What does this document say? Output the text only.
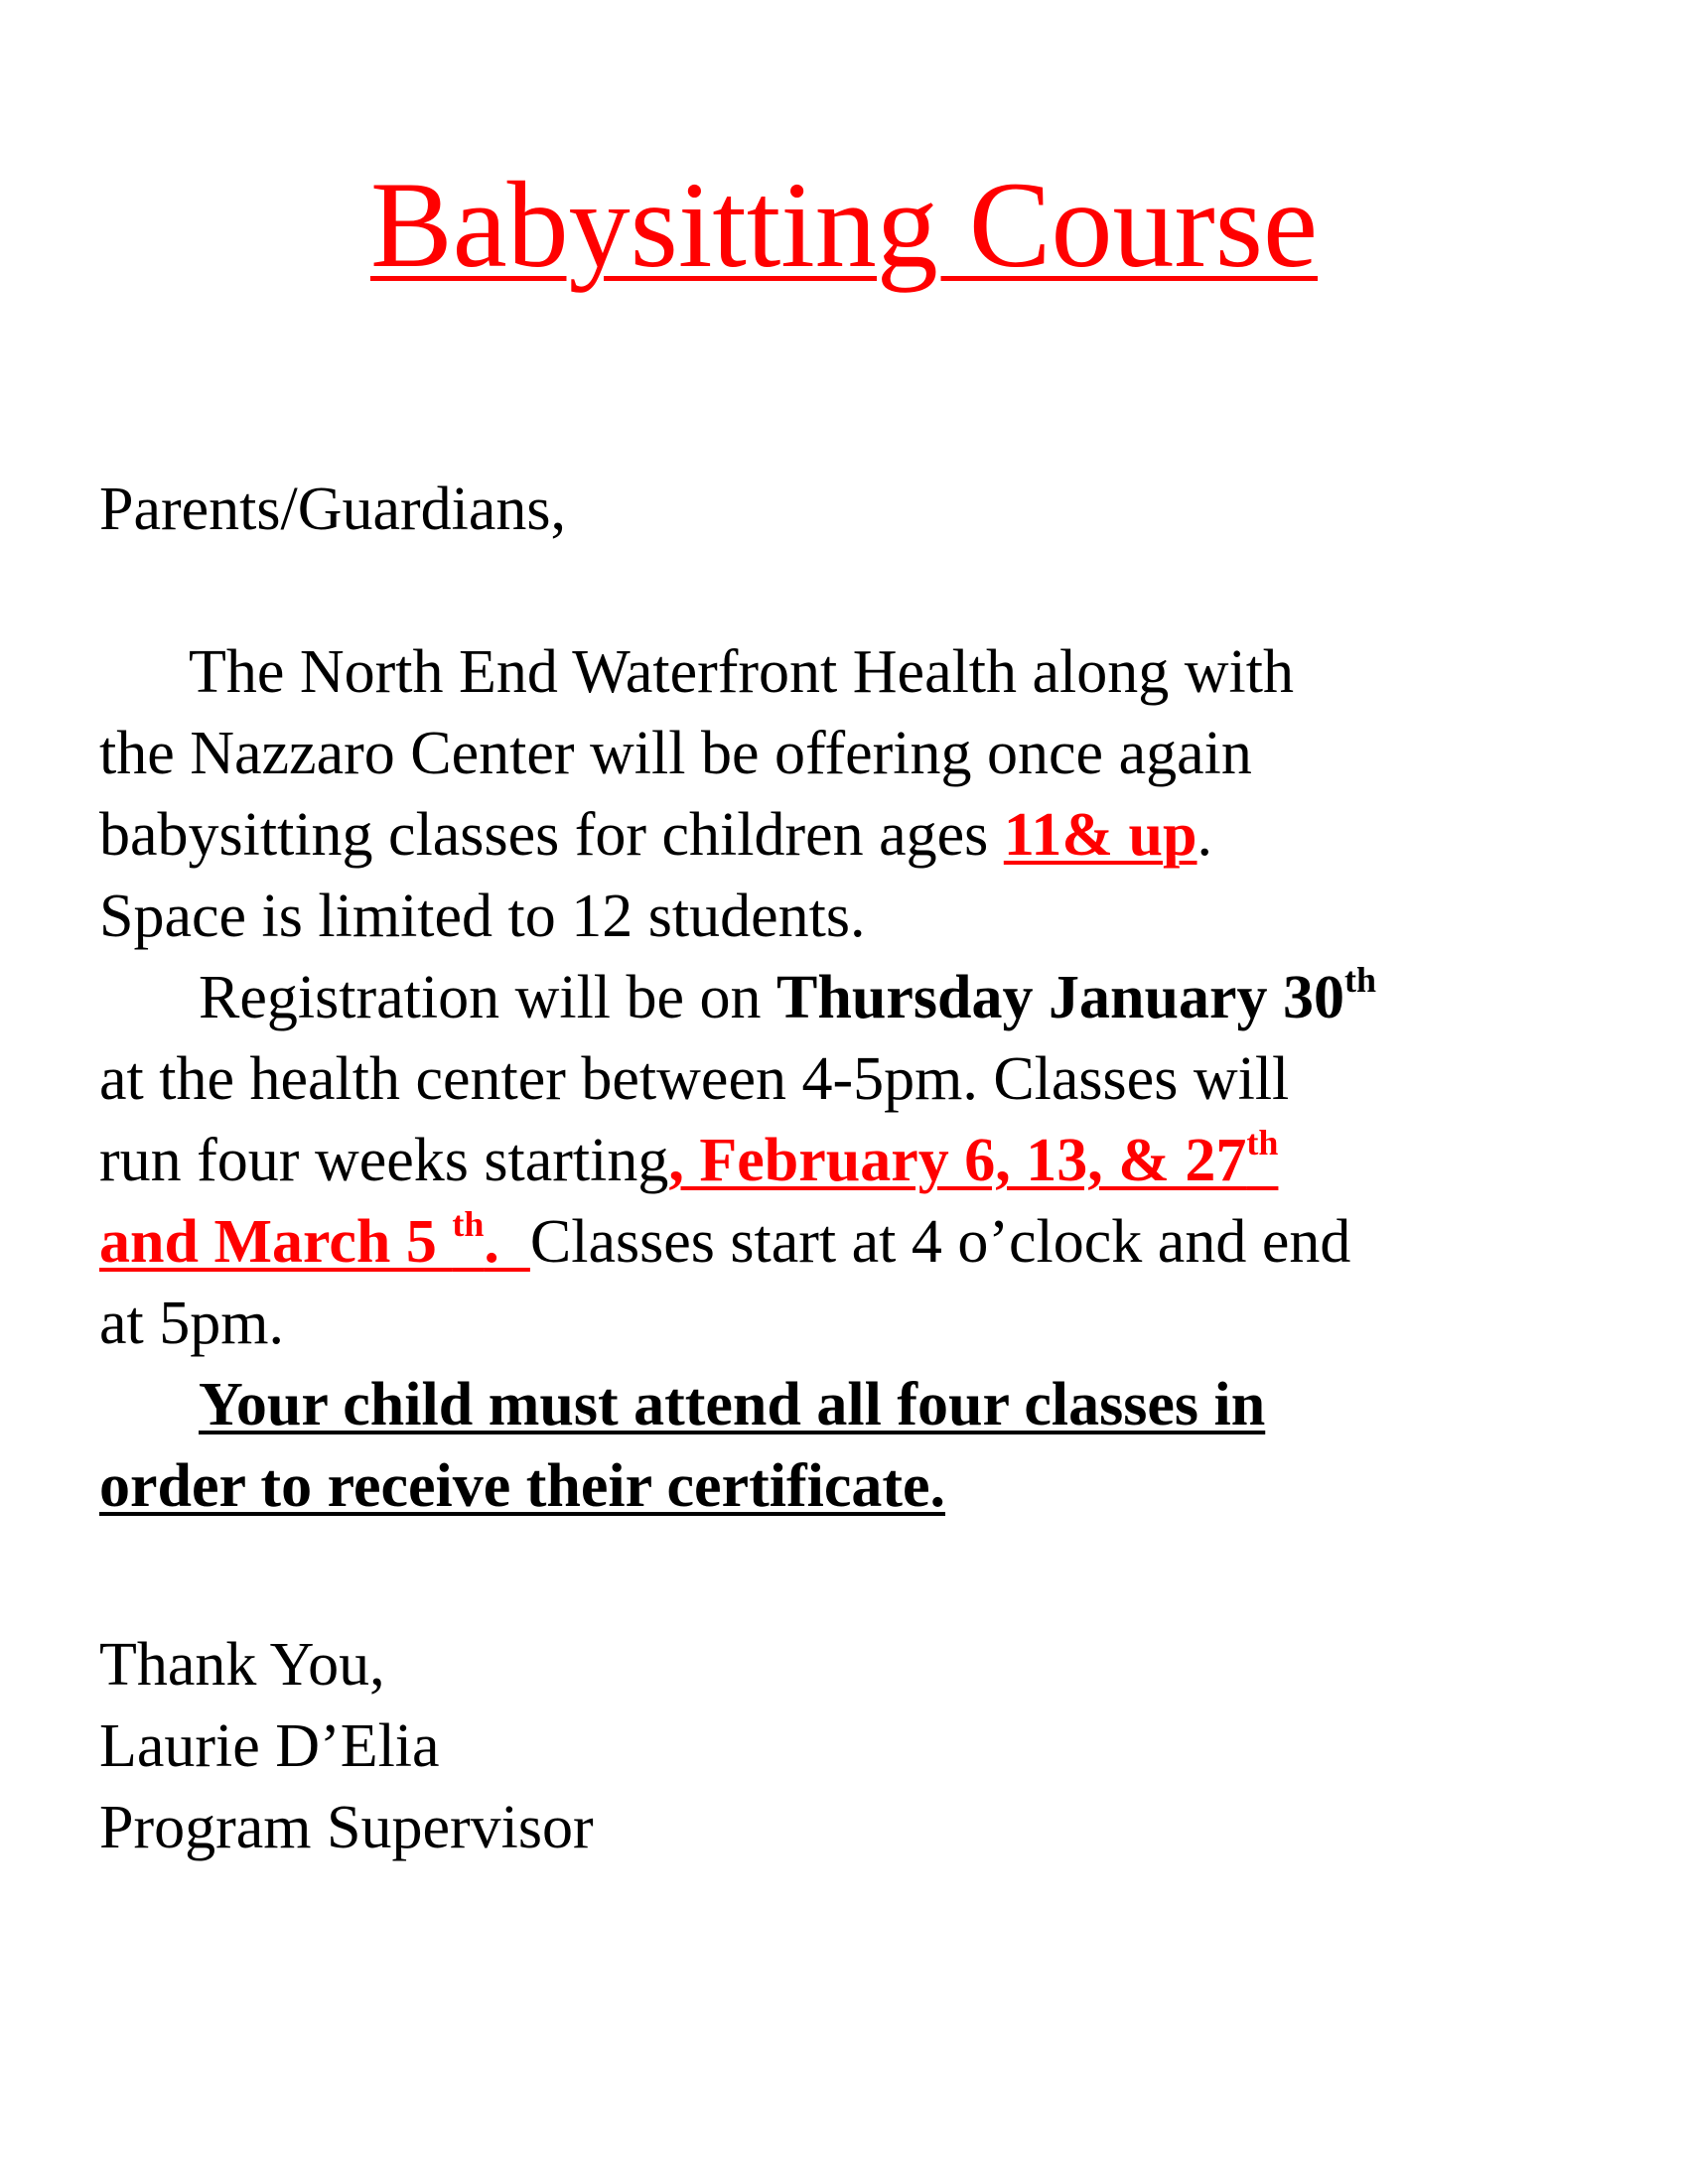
Babysitting Course
Parents/Guardians,
The North End Waterfront Health along with
the Nazzaro Center will be offering once again
babysitting classes for children ages 11& up.
Space is limited to 12 students.
Registration will be on Thursday January 30th
at the health center between 4-5pm. Classes will
run four weeks starting, February 6, 13, & 27th
and March 5 $^{th}$.  Classes start at 4 o’clock and end
at 5pm.
Your child must attend all four classes in
order to receive their certificate.
Thank You,
Laurie D’Elia
Program Supervisor
